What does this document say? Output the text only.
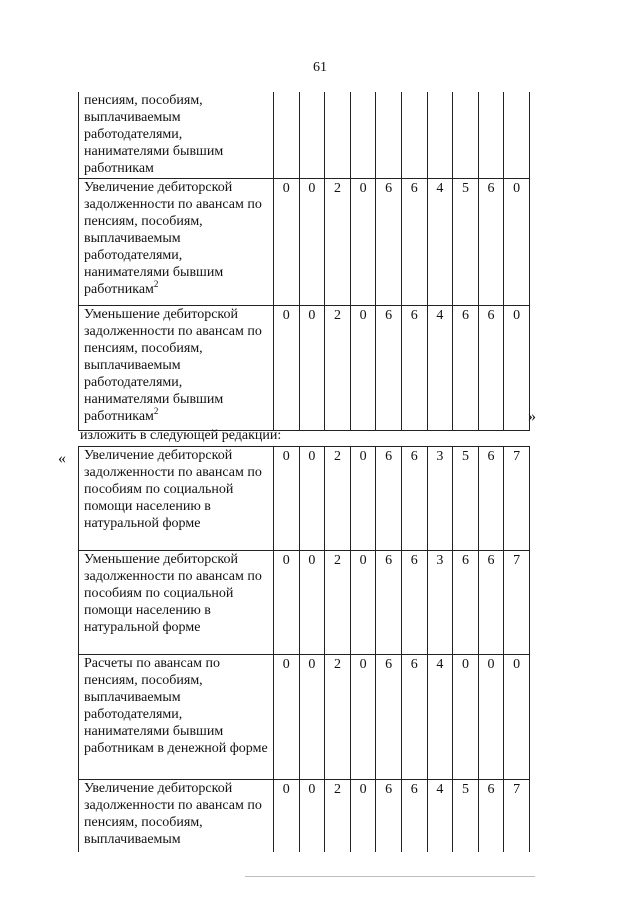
61
пенсиям, пособиям, выплачиваемым работодателями, нанимателями бывшим работникам										
Увеличение дебиторской задолженности по авансам по пенсиям, пособиям, выплачиваемым работодателями, нанимателями бывшим работникам$^2$	0	0	2	0	6	6	4	5	6	0
Уменьшение дебиторской задолженности по авансам по пенсиям, пособиям, выплачиваемым работодателями, нанимателями бывшим работникам$^2$	0	0	2	0	6	6	4	6	6	0
»
изложить в следующей редакции:
« Увеличение дебиторской задолженности по авансам по пособиям по социальной помощи населению в натуральной форме	0	0	2	0	6	6	3	5	6	7
Уменьшение дебиторской задолженности по авансам по пособиям по социальной помощи населению в натуральной форме	0	0	2	0	6	6	3	6	6	7
Расчеты по авансам по пенсиям, пособиям, выплачиваемым работодателями, нанимателями бывшим работникам в денежной форме	0	0	2	0	6	6	4	0	0	0
Увеличение дебиторской задолженности по авансам по пенсиям, пособиям, выплачиваемым	0	0	2	0	6	6	4	5	6	7
